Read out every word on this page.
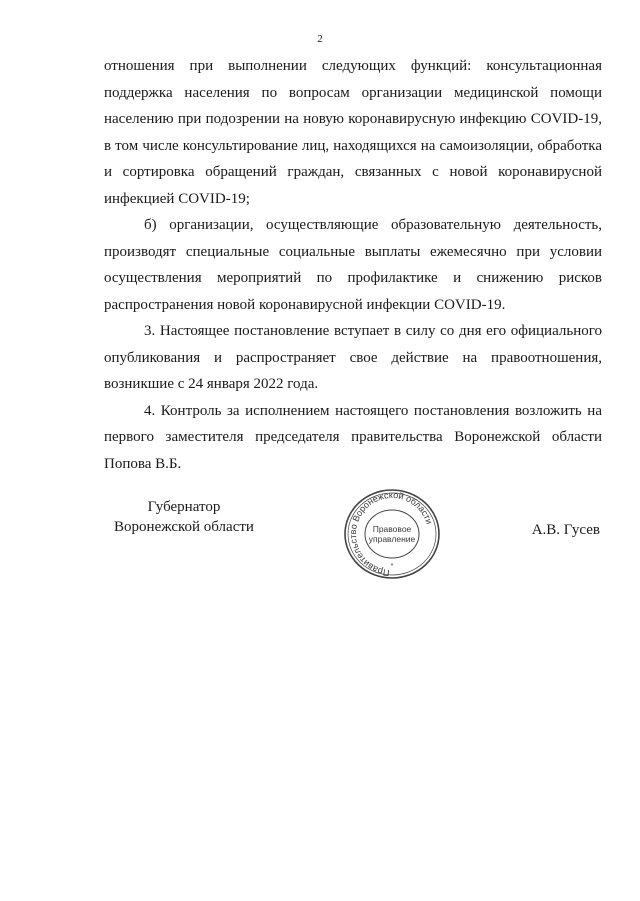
2

отношения при выполнении следующих функций: консультационная поддержка населения по вопросам организации медицинской помощи населению при подозрении на новую коронавирусную инфекцию COVID-19, в том числе консультирование лиц, находящихся на самоизоляции, обработка и сортировка обращений граждан, связанных с новой коронавирусной инфекцией COVID-19;

б) организации, осуществляющие образовательную деятельность, производят специальные социальные выплаты ежемесячно при условии осуществления мероприятий по профилактике и снижению рисков распространения новой коронавирусной инфекции COVID-19.

3. Настоящее постановление вступает в силу со дня его официального опубликования и распространяет свое действие на правоотношения, возникшие с 24 января 2022 года.

4. Контроль за исполнением настоящего постановления возложить на первого заместителя председателя правительства Воронежской области Попова В.Б.

Губернатор
Воронежской области
Правительство Воронежской области
Правовое
управление
*
А.В. Гусев
